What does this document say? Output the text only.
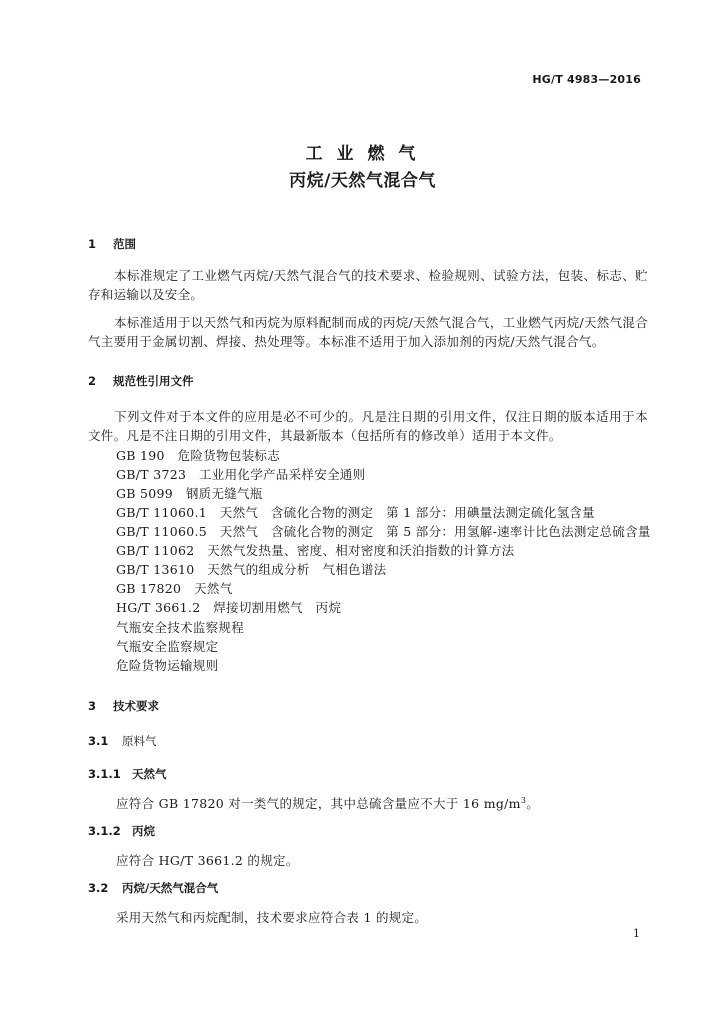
HG/T 4983—2016
工 业 燃 气
丙烷/天然气混合气
1 范围
本标准规定了工业燃气丙烷/天然气混合气的技术要求、检验规则、试验方法，包装、标志、贮存和运输以及安全。
本标准适用于以天然气和丙烷为原料配制而成的丙烷/天然气混合气，工业燃气丙烷/天然气混合气主要用于金属切割、焊接、热处理等。本标准不适用于加入添加剂的丙烷/天然气混合气。
2 规范性引用文件
下列文件对于本文件的应用是必不可少的。凡是注日期的引用文件，仅注日期的版本适用于本文件。凡是不注日期的引用文件，其最新版本（包括所有的修改单）适用于本文件。
GB 190　危险货物包装标志
GB/T 3723　工业用化学产品采样安全通则
GB 5099　钢质无缝气瓶
GB/T 11060.1　天然气　含硫化合物的测定　第 1 部分：用碘量法测定硫化氢含量
GB/T 11060.5　天然气　含硫化合物的测定　第 5 部分：用氢解-速率计比色法测定总硫含量
GB/T 11062　天然气发热量、密度、相对密度和沃泊指数的计算方法
GB/T 13610　天然气的组成分析　气相色谱法
GB 17820　天然气
HG/T 3661.2　焊接切割用燃气　丙烷
气瓶安全技术监察规程
气瓶安全监察规定
危险货物运输规则
3 技术要求
3.1 原料气
3.1.1 天然气
应符合 GB 17820 对一类气的规定，其中总硫含量应不大于 16 $mg/m^3$。
3.1.2 丙烷
应符合 HG/T 3661.2 的规定。
3.2 丙烷/天然气混合气
采用天然气和丙烷配制，技术要求应符合表 1 的规定。
1
